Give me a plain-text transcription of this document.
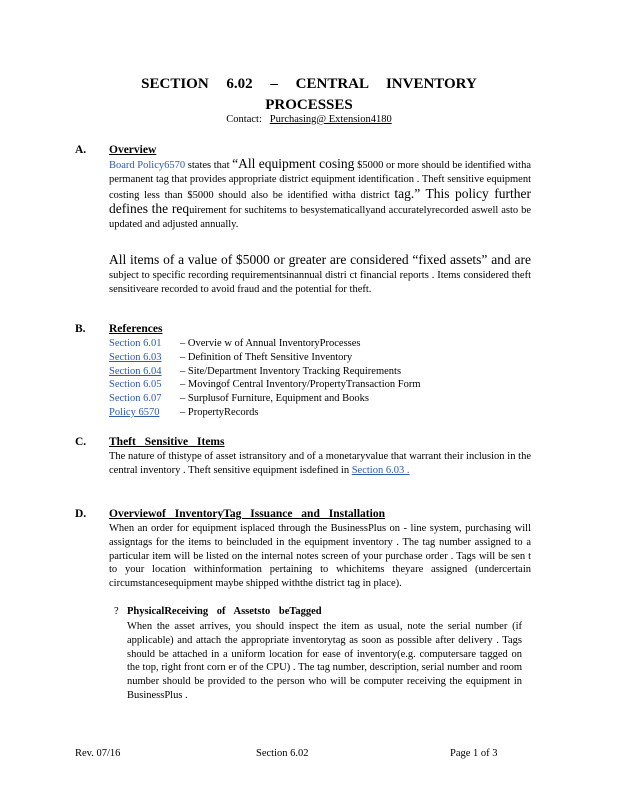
SECTION 6.02 – CENTRAL INVENTORY
PROCESSES
Contact: Purchasing@ Extension4180
A. Overview
Board Policy6570 states that “All equipment cosing $5000 or more should be identified witha permanent tag that provides appropriate district equipment identification . Theft sensitive equipment costing less than $5000 should also be identified witha district tag.” This policy further defines the requirement for suchitems to besystematicallyand accuratelyrecorded aswell asto be updated and adjusted annually.
All items of a value of $5000 or greater are considered “fixed assets” and are subject to specific recording requirementsinannual distri ct financial reports . Items considered theft sensitiveare recorded to avoid fraud and the potential for theft.
B. References
Section 6.01	– Overvie w of Annual InventoryProcesses
Section 6.03	– Definition of Theft Sensitive Inventory
Section 6.04	– Site/Department Inventory Tracking Requirements
Section 6.05	– Movingof Central Inventory/PropertyTransaction Form
Section 6.07	– Surplusof Furniture, Equipment and Books
Policy 6570	– PropertyRecords
C. Theft Sensitive Items
The nature of thistype of asset istransitory and of a monetaryvalue that warrant their inclusion in the central inventory . Theft sensitive equipment isdefined in Section 6.03 .
D. Overviewof InventoryTag Issuance and Installation
When an order for equipment isplaced through the BusinessPlus on - line system, purchasing will assigntags for the items to beincluded in the equipment inventory . The tag number assigned to a particular item will be listed on the internal notes screen of your purchase order . Tags will be sen t to your location withinformation pertaining to whichitems theyare assigned (undercertain circumstancesequipment maybe shipped withthe district tag in place).
? PhysicalReceiving of Assetsto beTagged
When the asset arrives, you should inspect the item as usual, note the serial number (if applicable) and attach the appropriate inventorytag as soon as possible after delivery . Tags should be attached in a uniform location for ease of inventory(e.g. computersare tagged on the top, right front corn er of the CPU) . The tag number, description, serial number and room number should be provided to the person who will be computer receiving the equipment in BusinessPlus .
Rev. 07/16	Section 6.02	Page 1 of 3
